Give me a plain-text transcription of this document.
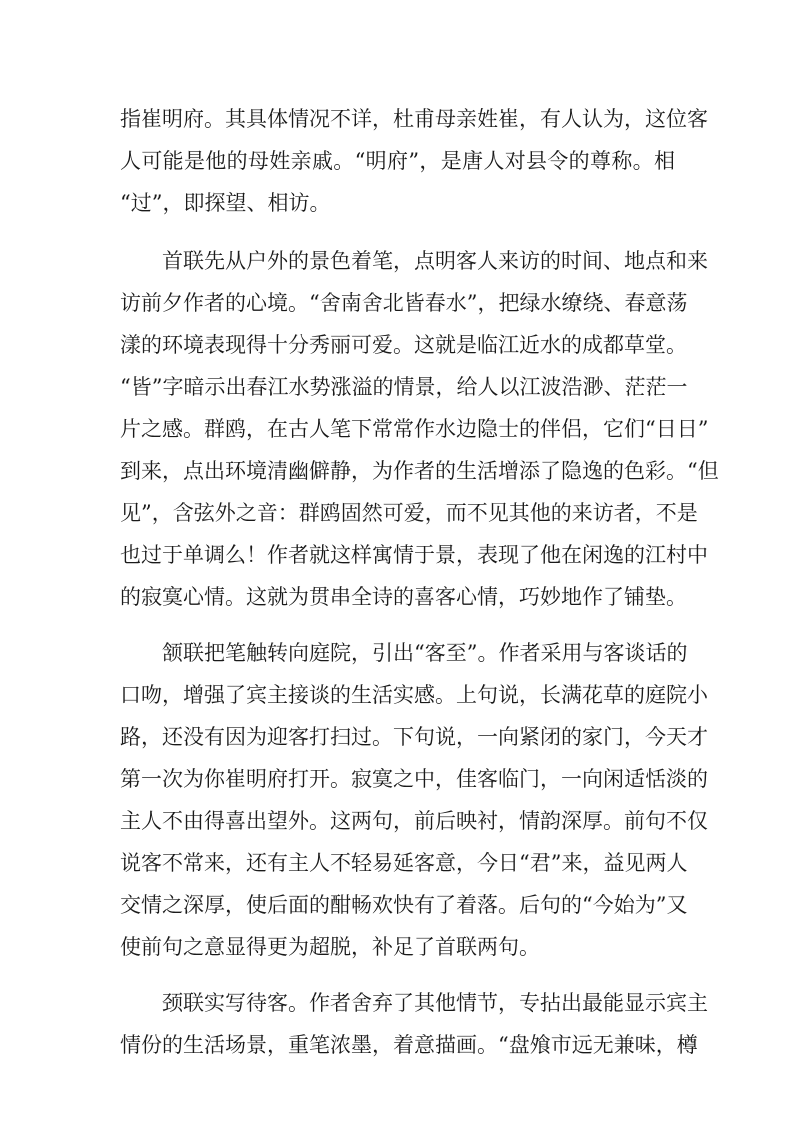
指崔明府。其具体情况不详，杜甫母亲姓崔，有人认为，这位客
人可能是他的母姓亲戚。“明府”，是唐人对县令的尊称。相
“过”，即探望、相访。
首联先从户外的景色着笔，点明客人来访的时间、地点和来
访前夕作者的心境。“舍南舍北皆春水”，把绿水缭绕、春意荡
漾的环境表现得十分秀丽可爱。这就是临江近水的成都草堂。
“皆”字暗示出春江水势涨溢的情景，给人以江波浩渺、茫茫一
片之感。群鸥，在古人笔下常常作水边隐士的伴侣，它们“日日”
到来，点出环境清幽僻静，为作者的生活增添了隐逸的色彩。“但
见”，含弦外之音：群鸥固然可爱，而不见其他的来访者，不是
也过于单调么！作者就这样寓情于景，表现了他在闲逸的江村中
的寂寞心情。这就为贯串全诗的喜客心情，巧妙地作了铺垫。
颔联把笔触转向庭院，引出“客至”。作者采用与客谈话的
口吻，增强了宾主接谈的生活实感。上句说，长满花草的庭院小
路，还没有因为迎客打扫过。下句说，一向紧闭的家门，今天才
第一次为你崔明府打开。寂寞之中，佳客临门，一向闲适恬淡的
主人不由得喜出望外。这两句，前后映衬，情韵深厚。前句不仅
说客不常来，还有主人不轻易延客意，今日“君”来，益见两人
交情之深厚，使后面的酣畅欢快有了着落。后句的“今始为”又
使前句之意显得更为超脱，补足了首联两句。
颈联实写待客。作者舍弃了其他情节，专拈出最能显示宾主
情份的生活场景，重笔浓墨，着意描画。“盘飧市远无兼味，樽
